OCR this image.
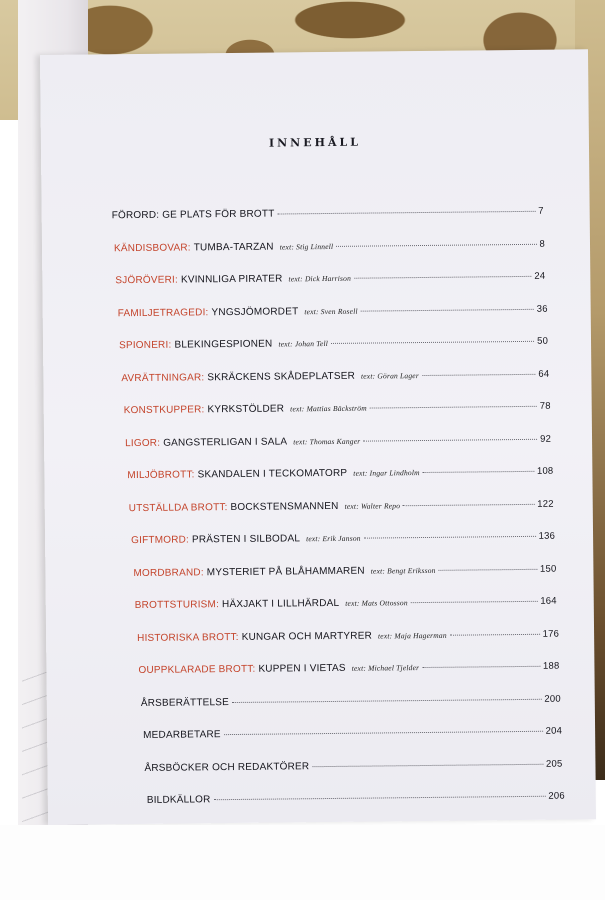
INNEHÅLL
FÖRORD: GE PLATS FÖR BROTT	7
KÄNDISBOVAR: TUMBA-TARZAN text: Stig Linnell	8
SJÖRÖVERI: KVINNLIGA PIRATER text: Dick Harrison	24
FAMILJETRAGEDI: YNGSJÖMORDET text: Sven Rosell	36
SPIONERI: BLEKINGESPIONEN text: Johan Tell	50
AVRÄTTNINGAR: SKRÄCKENS SKÅDEPLATSER text: Göran Lager	64
KONSTKUPPER: KYRKSTÖLDER text: Mattias Bäckström	78
LIGOR: GANGSTERLIGAN I SALA text: Thomas Kanger	92
MILJÖBROTT: SKANDALEN I TECKOMATORP text: Ingar Lindholm	108
UTSTÄLLDA BROTT: BOCKSTENSMANNEN text: Walter Repo	122
GIFTMORD: PRÄSTEN I SILBODAL text: Erik Janson	136
MORDBRAND: MYSTERIET PÅ BLÅHAMMAREN text: Bengt Eriksson	150
BROTTSTURISM: HÄXJAKT I LILLHÄRDAL text: Mats Ottosson	164
HISTORISKA BROTT: KUNGAR OCH MARTYRER text: Maja Hagerman	176
OUPPKLARADE BROTT: KUPPEN I VIETAS text: Michael Tjelder	188
ÅRSBERÄTTELSE	200
MEDARBETARE	204
ÅRSBÖCKER OCH REDAKTÖRER	205
BILDKÄLLOR	206
